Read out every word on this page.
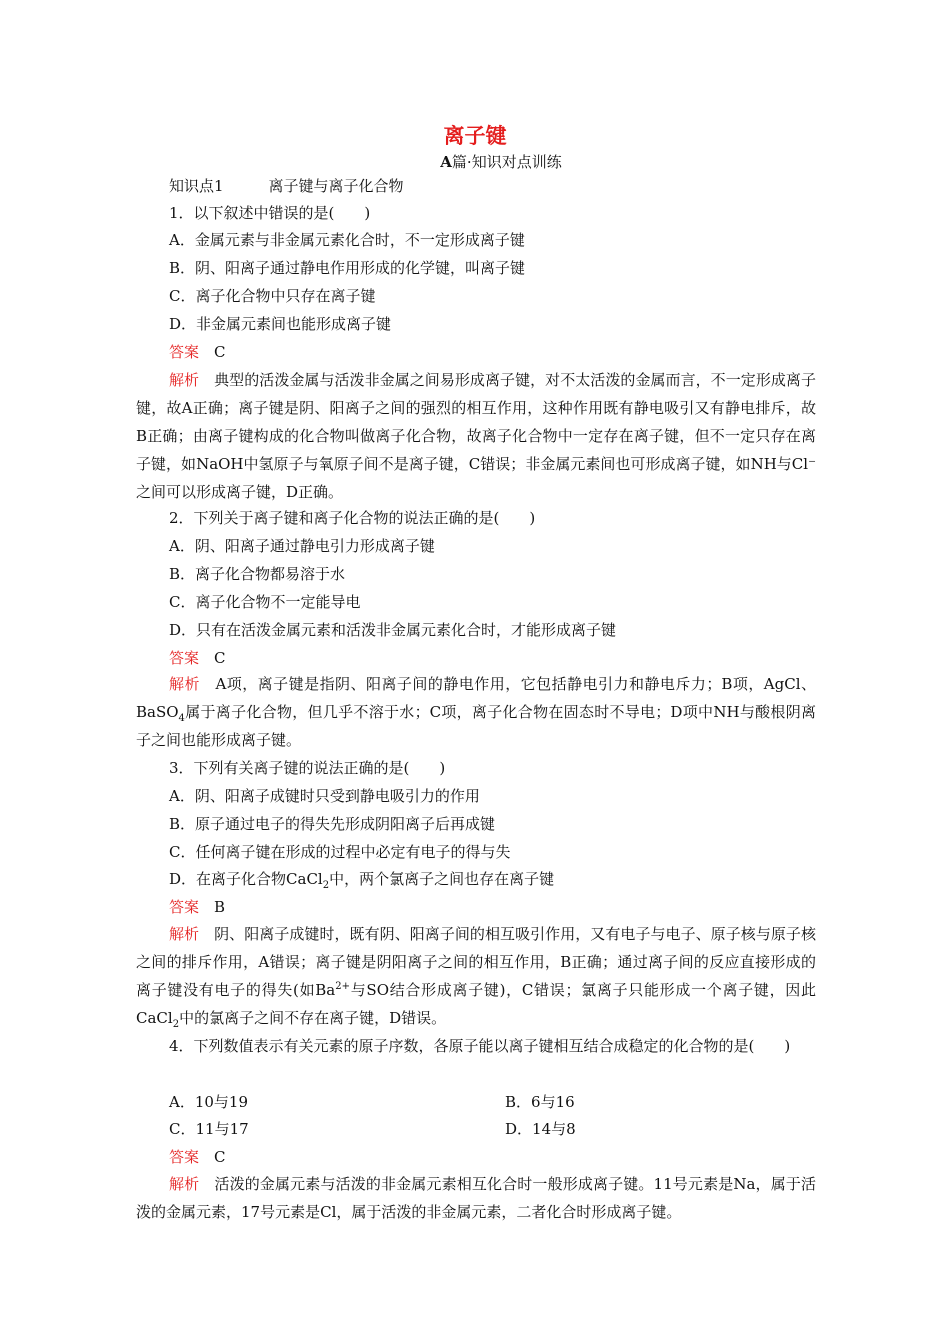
离子键
A篇·知识对点训练
知识点1　　　离子键与离子化合物
1．以下叙述中错误的是(　　)
A．金属元素与非金属元素化合时，不一定形成离子键
B．阴、阳离子通过静电作用形成的化学键，叫离子键
C．离子化合物中只存在离子键
D．非金属元素间也能形成离子键
答案　 C
解析　 典型的活泼金属与活泼非金属之间易形成离子键，对不太活泼的金属而言，不一定形成离子键，故A正确；离子键是阴、阳离子之间的强烈的相互作用，这种作用既有静电吸引又有静电排斥，故B正确；由离子键构成的化合物叫做离子化合物，故离子化合物中一定存在离子键，但不一定只存在离子键，如NaOH中氢原子与氧原子间不是离子键，C错误；非金属元素间也可形成离子键，如NH与Cl⁻之间可以形成离子键，D正确。
2．下列关于离子键和离子化合物的说法正确的是(　　)
A．阴、阳离子通过静电引力形成离子键
B．离子化合物都易溶于水
C．离子化合物不一定能导电
D．只有在活泼金属元素和活泼非金属元素化合时，才能形成离子键
答案　 C
解析　 A项，离子键是指阴、阳离子间的静电作用，它包括静电引力和静电斥力；B项，AgCl、BaSO$_4$属于离子化合物，但几乎不溶于水；C项，离子化合物在固态时不导电；D项中NH与酸根阴离子之间也能形成离子键。
3．下列有关离子键的说法正确的是(　　)
A．阴、阳离子成键时只受到静电吸引力的作用
B．原子通过电子的得失先形成阴阳离子后再成键
C．任何离子键在形成的过程中必定有电子的得与失
D．在离子化合物CaCl$_2$中，两个氯离子之间也存在离子键
答案　 B
解析　 阴、阳离子成键时，既有阴、阳离子间的相互吸引作用，又有电子与电子、原子核与原子核之间的排斥作用，A错误；离子键是阴阳离子之间的相互作用，B正确；通过离子间的反应直接形成的离子键没有电子的得失(如$Ba^{2+}$与SO结合形成离子键)，C错误；氯离子只能形成一个离子键，因此CaCl$_2$中的氯离子之间不存在离子键，D错误。
4．下列数值表示有关元素的原子序数，各原子能以离子键相互结合成稳定的化合物的是(　　)
A．10与19	B．6与16
C．11与17	D．14与8
答案　 C
解析　 活泼的金属元素与活泼的非金属元素相互化合时一般形成离子键。11号元素是Na，属于活泼的金属元素，17号元素是Cl，属于活泼的非金属元素，二者化合时形成离子键。
